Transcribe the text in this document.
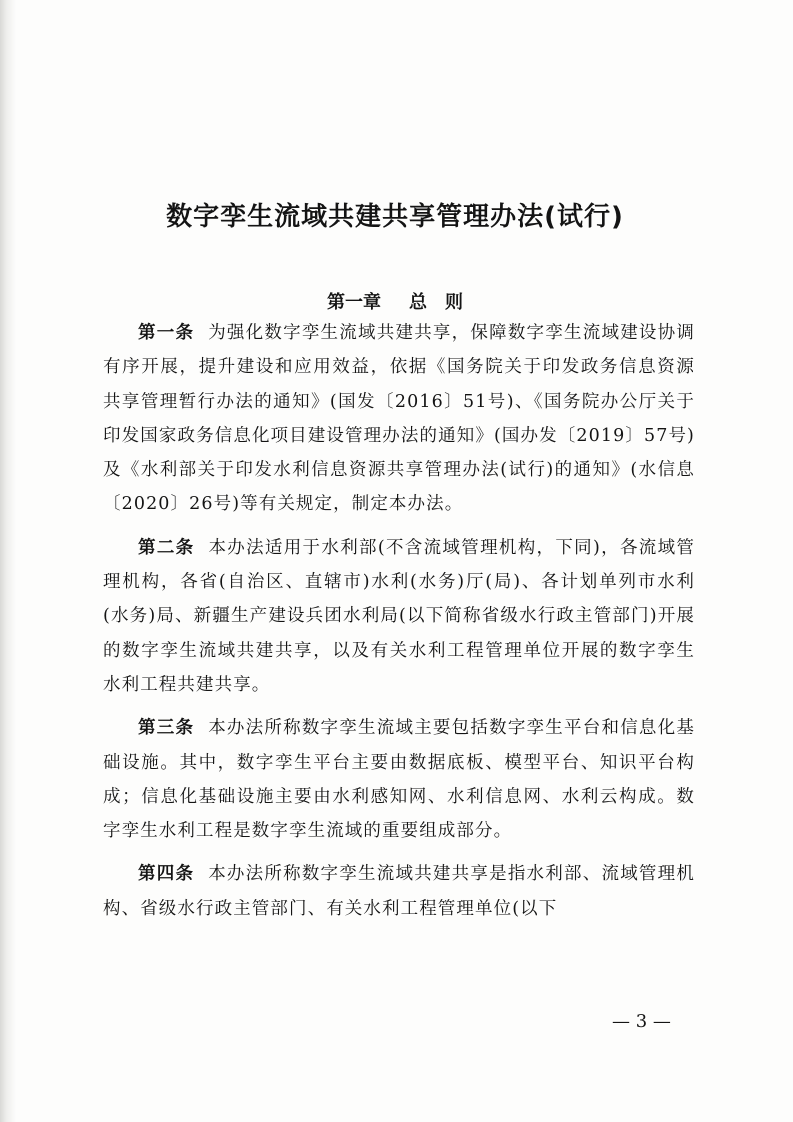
数字孪生流域共建共享管理办法(试行)
第一章 总　则

第一条 为强化数字孪生流域共建共享，保障数字孪生流域建设协调有序开展，提升建设和应用效益，依据《国务院关于印发政务信息资源共享管理暂行办法的通知》(国发〔2016〕51号)、《国务院办公厅关于印发国家政务信息化项目建设管理办法的通知》(国办发〔2019〕57号)及《水利部关于印发水利信息资源共享管理办法(试行)的通知》(水信息〔2020〕26号)等有关规定，制定本办法。

第二条 本办法适用于水利部(不含流域管理机构，下同)，各流域管理机构，各省(自治区、直辖市)水利(水务)厅(局)、各计划单列市水利(水务)局、新疆生产建设兵团水利局(以下简称省级水行政主管部门)开展的数字孪生流域共建共享，以及有关水利工程管理单位开展的数字孪生水利工程共建共享。

第三条 本办法所称数字孪生流域主要包括数字孪生平台和信息化基础设施。其中，数字孪生平台主要由数据底板、模型平台、知识平台构成；信息化基础设施主要由水利感知网、水利信息网、水利云构成。数字孪生水利工程是数字孪生流域的重要组成部分。

第四条 本办法所称数字孪生流域共建共享是指水利部、流域管理机构、省级水行政主管部门、有关水利工程管理单位(以下

— 3 —
